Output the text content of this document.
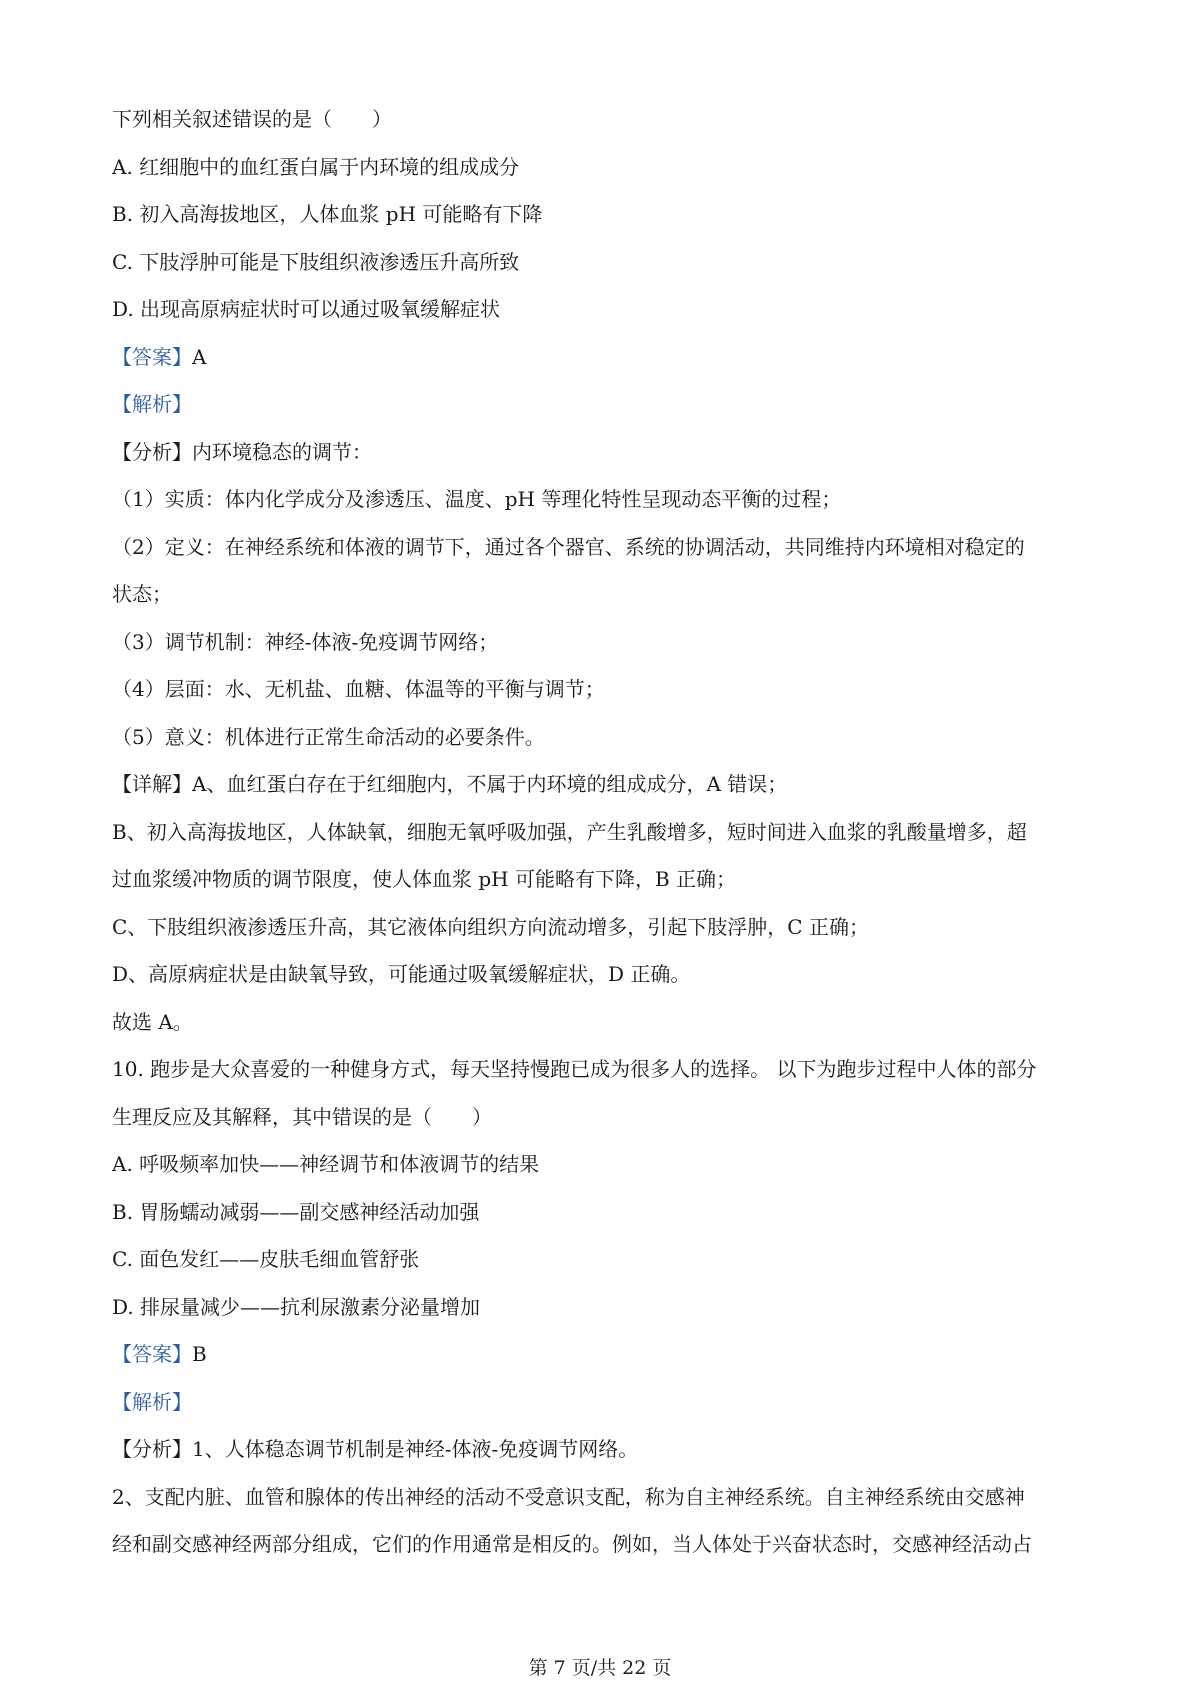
下列相关叙述错误的是（　　）
A. 红细胞中的血红蛋白属于内环境的组成成分
B. 初入高海拔地区，人体血浆 pH 可能略有下降
C. 下肢浮肿可能是下肢组织液渗透压升高所致
D. 出现高原病症状时可以通过吸氧缓解症状
【答案】A
【解析】
【分析】内环境稳态的调节：
（1）实质：体内化学成分及渗透压、温度、pH 等理化特性呈现动态平衡的过程；
（2）定义：在神经系统和体液的调节下，通过各个器官、系统的协调活动，共同维持内环境相对稳定的
状态；
（3）调节机制：神经-体液-免疫调节网络；
（4）层面：水、无机盐、血糖、体温等的平衡与调节；
（5）意义：机体进行正常生命活动的必要条件。
【详解】A、血红蛋白存在于红细胞内，不属于内环境的组成成分，A 错误；
B、初入高海拔地区，人体缺氧，细胞无氧呼吸加强，产生乳酸增多，短时间进入血浆的乳酸量增多，超
过血浆缓冲物质的调节限度，使人体血浆 pH 可能略有下降，B 正确；
C、下肢组织液渗透压升高，其它液体向组织方向流动增多，引起下肢浮肿，C 正确；
D、高原病症状是由缺氧导致，可能通过吸氧缓解症状，D 正确。
故选 A。
10. 跑步是大众喜爱的一种健身方式，每天坚持慢跑已成为很多人的选择。 以下为跑步过程中人体的部分
生理反应及其解释，其中错误的是（　　）
A. 呼吸频率加快——神经调节和体液调节的结果
B. 胃肠蠕动减弱——副交感神经活动加强
C. 面色发红——皮肤毛细血管舒张
D. 排尿量减少——抗利尿激素分泌量增加
【答案】B
【解析】
【分析】1、人体稳态调节机制是神经-体液-免疫调节网络。
2、支配内脏、血管和腺体的传出神经的活动不受意识支配，称为自主神经系统。自主神经系统由交感神
经和副交感神经两部分组成，它们的作用通常是相反的。例如，当人体处于兴奋状态时，交感神经活动占
第 7 页/共 22 页
